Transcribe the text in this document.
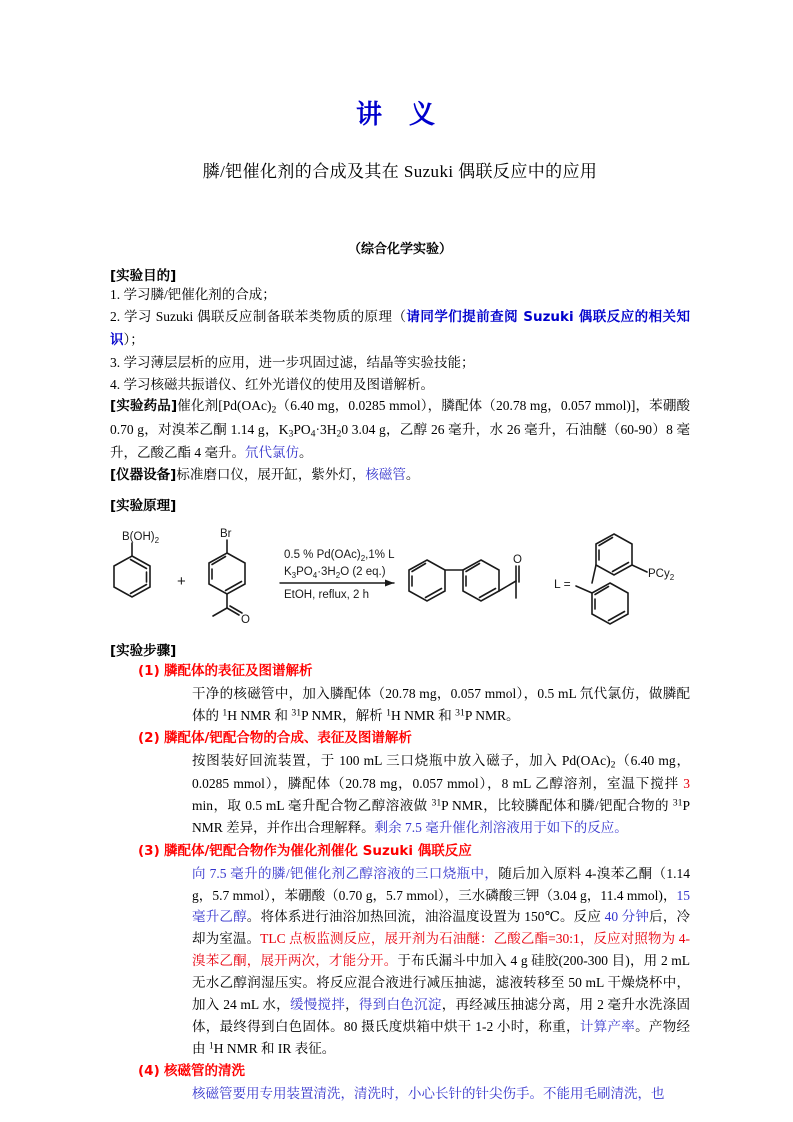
讲 义
膦/钯催化剂的合成及其在 Suzuki 偶联反应中的应用
（综合化学实验）
[实验目的]
1. 学习膦/钯催化剂的合成；
2. 学习 Suzuki 偶联反应制备联苯类物质的原理（请同学们提前查阅 Suzuki 偶联反应的相关知识）；
3. 学习薄层层析的应用，进一步巩固过滤，结晶等实验技能；
4. 学习核磁共振谱仪、红外光谱仪的使用及图谱解析。
[实验药品]催化剂[$Pd(OAc)_2(6.40$ mg，0.0285 mmol），膦配体（20.78 mg，0.057 mmol)]，苯硼酸 0.70 g，对溴苯乙酮 1.14 g，$K_3PO_4\cdot 3H_20$ 3.04 g，乙醇 26 毫升，水 26 毫升，石油醚（60-90）8 毫升，乙酸乙酯 4 毫升。氘代氯仿。
[仪器设备]标准磨口仪，展开缸，紫外灯，核磁管。
[实验原理]
$B(OH)_2$
Br
O
O
+
0.5 % $Pd(OAc)_2,1\%$ L
$K_3PO_4\cdot 3H_2O$ (2 eq.)
EtOH, reflux, 2 h
L =
PCy$_2$
[实验步骤]
(1) 膦配体的表征及图谱解析
干净的核磁管中，加入膦配体（20.78 mg，0.057 mmol），0.5 mL 氘代氯仿，做膦配体的 $^1$H NMR 和 $^{31}$P NMR，解析 $^1$H NMR 和 $^{31}$P NMR。
(2) 膦配体/钯配合物的合成、表征及图谱解析
按图装好回流装置，于 100 mL 三口烧瓶中放入磁子，加入 $Pd(OAc)_2(6.40$ mg，0.0285 mmol），膦配体（20.78 mg，0.057 mmol），8 mL 乙醇溶剂，室温下搅拌 3 min，取 0.5 mL 毫升配合物乙醇溶液做 $^{31}$P NMR，比较膦配体和膦/钯配合物的 $^{31}$P NMR 差异，并作出合理解释。剩余 7.5 毫升催化剂溶液用于如下的反应。
(3) 膦配体/钯配合物作为催化剂催化 Suzuki 偶联反应
向 7.5 毫升的膦/钯催化剂乙醇溶液的三口烧瓶中，随后加入原料 4-溴苯乙酮（1.14 g，5.7 mmol），苯硼酸（0.70 g，5.7 mmol），三水磷酸三钾（3.04 g，11.4 mmol)，15 毫升乙醇。将体系进行油浴加热回流，油浴温度设置为 150℃。反应 40 分钟后，冷却为室温。TLC 点板监测反应，展开剂为石油醚：乙酸乙酯=30:1，反应对照物为 4-溴苯乙酮，展开两次，才能分开。于布氏漏斗中加入 4 g 硅胶(200-300 目)，用 2 mL 无水乙醇润湿压实。将反应混合液进行减压抽滤，滤液转移至 50 mL 干燥烧杯中，加入 24 mL 水，缓慢搅拌，得到白色沉淀，再经减压抽滤分离，用 2 毫升水洗涤固体，最终得到白色固体。80 摄氏度烘箱中烘干 1-2 小时，称重，计算产率。产物经由 $^1$H NMR 和 IR 表征。
(4) 核磁管的清洗
核磁管要用专用装置清洗，清洗时，小心长针的针尖伤手。不能用毛刷清洗，也
